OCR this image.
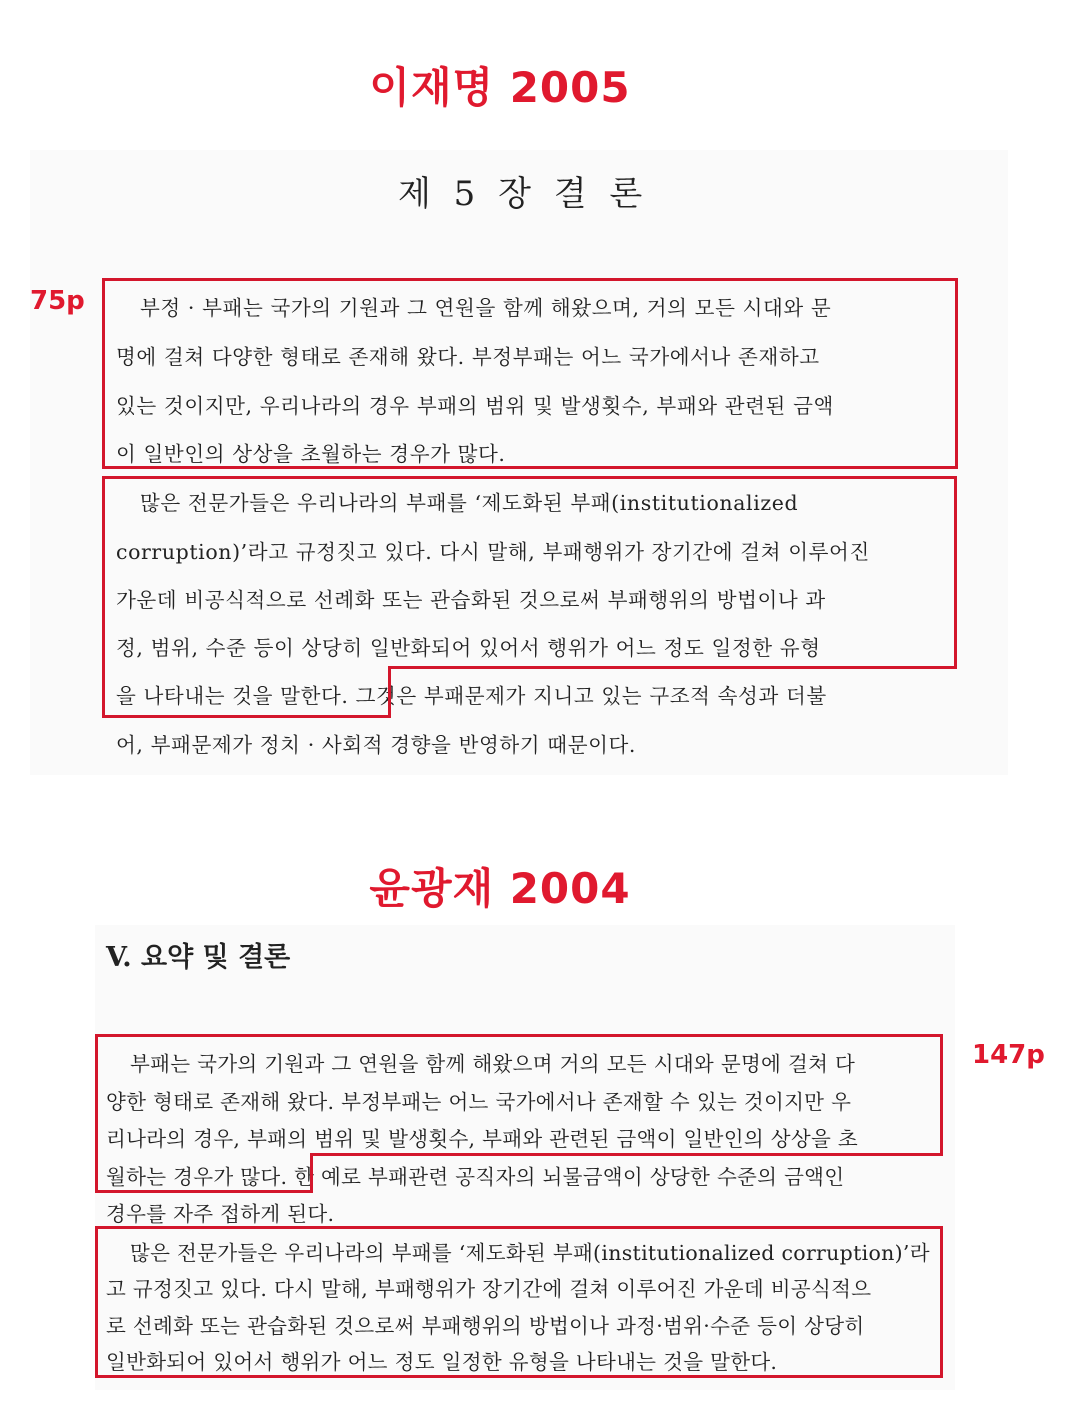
이재명 2005
제 5 장 결 론
부정 · 부패는 국가의 기원과 그 연원을 함께 해왔으며, 거의 모든 시대와 문
명에 걸쳐 다양한 형태로 존재해 왔다. 부정부패는 어느 국가에서나 존재하고
있는 것이지만, 우리나라의 경우 부패의 범위 및 발생횟수, 부패와 관련된 금액
이 일반인의 상상을 초월하는 경우가 많다.
많은 전문가들은 우리나라의 부패를 ‘제도화된 부패(institutionalized
corruption)’라고 규정짓고 있다. 다시 말해, 부패행위가 장기간에 걸쳐 이루어진
가운데 비공식적으로 선례화 또는 관습화된 것으로써 부패행위의 방법이나 과
정, 범위, 수준 등이 상당히 일반화되어 있어서 행위가 어느 정도 일정한 유형
을 나타내는 것을 말한다. 그것은 부패문제가 지니고 있는 구조적 속성과 더불
어, 부패문제가 정치 · 사회적 경향을 반영하기 때문이다.
75p
윤광재 2004
V. 요약 및 결론
부패는 국가의 기원과 그 연원을 함께 해왔으며 거의 모든 시대와 문명에 걸쳐 다
양한 형태로 존재해 왔다. 부정부패는 어느 국가에서나 존재할 수 있는 것이지만 우
리나라의 경우, 부패의 범위 및 발생횟수, 부패와 관련된 금액이 일반인의 상상을 초
월하는 경우가 많다. 한 예로 부패관련 공직자의 뇌물금액이 상당한 수준의 금액인
경우를 자주 접하게 된다.
많은 전문가들은 우리나라의 부패를 ‘제도화된 부패(institutionalized corruption)’라
고 규정짓고 있다. 다시 말해, 부패행위가 장기간에 걸쳐 이루어진 가운데 비공식적으
로 선례화 또는 관습화된 것으로써 부패행위의 방법이나 과정·범위·수준 등이 상당히
일반화되어 있어서 행위가 어느 정도 일정한 유형을 나타내는 것을 말한다.
147p
